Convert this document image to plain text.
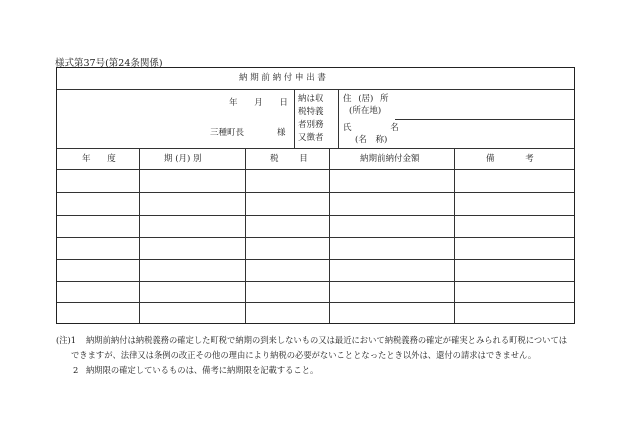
様式第37号(第24条関係)
納 期 前 納 付 申 出 書
年 月 日
三種町長	様
納は収
税特義
者別務
又徴者
住 (居) 所
(所在地)
氏 名
(名 称)
年 度	期 (月) 別	税 目	納期前納付金額	備 考
(注)1 納期前納付は納税義務の確定した町税で納期の到来しないもの又は最近において納税義務の確定が確実とみられる町税については
できますが、法律又は条例の改正その他の理由により納税の必要がないこととなったとき以外は、還付の請求はできません。
2 納期限の確定しているものは、備考に納期限を記載すること。
